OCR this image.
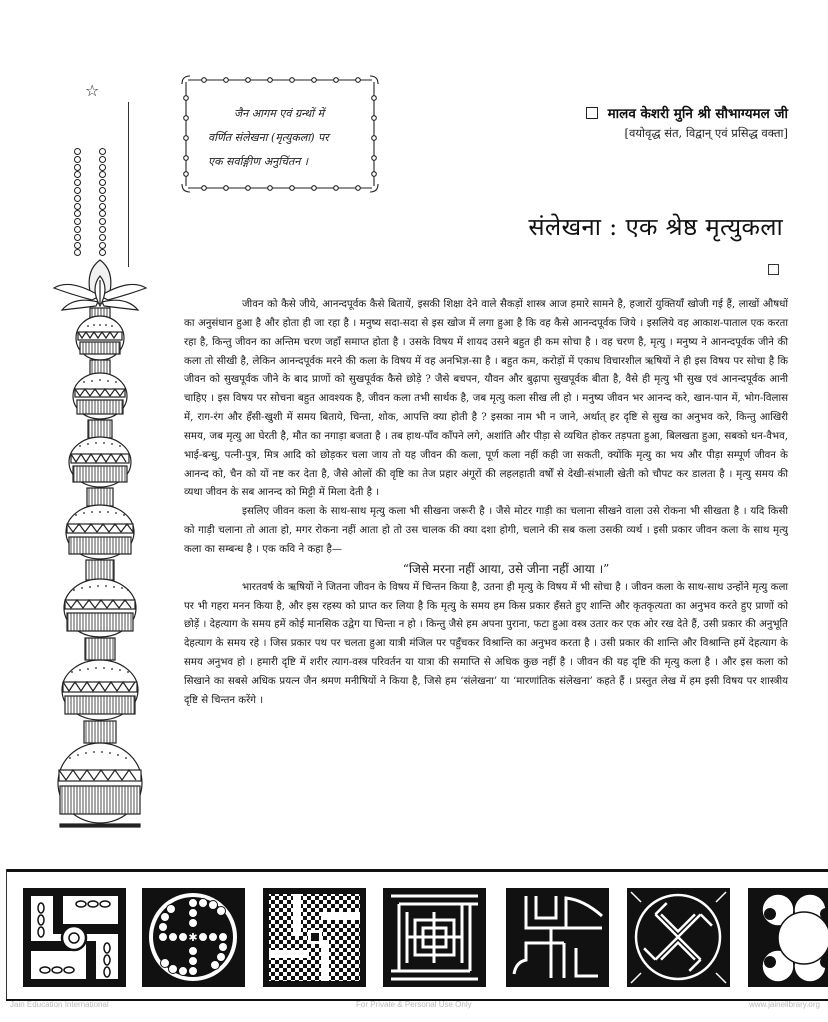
☆
जैन आगम एवं ग्रन्थों में
वर्णित संलेखना (मृत्युकला) पर
एक सर्वाङ्गीण अनुचिंतन ।
मालव केशरी मुनि श्री सौभाग्यमल जी
[वयोवृद्ध संत, विद्वान् एवं प्रसिद्ध वक्ता]
संलेखना : एक श्रेष्ठ मृत्युकला

जीवन को कैसे जीये, आनन्दपूर्वक कैसे बितायें, इसकी शिक्षा देने वाले सैकड़ों शास्त्र आज हमारे सामने है, हजारों युक्तियाँ खोजी गई हैं, लाखों औषधों का अनुसंधान हुआ है और होता ही जा रहा है । मनुष्य सदा-सदा से इस खोज में लगा हुआ है कि वह कैसे आनन्दपूर्वक जिये । इसलिये वह आकाश-पाताल एक करता रहा है, किन्तु जीवन का अन्तिम चरण जहाँ समाप्त होता है । उसके विषय में शायद उसने बहुत ही कम सोचा है । वह चरण है, मृत्यु । मनुष्य ने आनन्दपूर्वक जीने की कला तो सीखी है, लेकिन आनन्दपूर्वक मरने की कला के विषय में वह अनभिज्ञ-सा है । बहुत कम, करोड़ों में एकाध विचारशील ऋषियों ने ही इस विषय पर सोचा है कि जीवन को सुखपूर्वक जीने के बाद प्राणों को सुखपूर्वक कैसे छोड़े ? जैसे बचपन, यौवन और बुढ़ापा सुखपूर्वक बीता है, वैसे ही मृत्यु भी सुख एवं आनन्दपूर्वक आनी चाहिए । इस विषय पर सोचना बहुत आवश्यक है, जीवन कला तभी सार्थक है, जब मृत्यु कला सीख ली हो । मनुष्य जीवन भर आनन्द करे, खान-पान में, भोग-विलास में, राग-रंग और हँसी-खुशी में समय बिताये, चिन्ता, शोक, आपत्ति क्या होती है ? इसका नाम भी न जाने, अर्थात् हर दृष्टि से सुख का अनुभव करे, किन्तु आखिरी समय, जब मृत्यु आ घेरती है, मौत का नगाड़ा बजता है । तब हाथ-पाँव काँपने लगे, अशांति और पीड़ा से व्यथित होकर तड़पता हुआ, बिलखता हुआ, सबको धन-वैभव, भाई-बन्धु, पत्नी-पुत्र, मित्र आदि को छोड़कर चला जाय तो यह जीवन की कला, पूर्ण कला नहीं कही जा सकती, क्योंकि मृत्यु का भय और पीड़ा सम्पूर्ण जीवन के आनन्द को, चैन को यों नष्ट कर देता है, जैसे ओलों की वृष्टि का तेज प्रहार अंगूरों की लहलहाती वर्षों से देखी-संभाली खेती को चौपट कर डालता है । मृत्यु समय की व्यथा जीवन के सब आनन्द को मिट्टी में मिला देती है ।

इसलिए जीवन कला के साथ-साथ मृत्यु कला भी सीखना जरूरी है । जैसे मोटर गाड़ी का चलाना सीखने वाला उसे रोकना भी सीखता है । यदि किसी को गाड़ी चलाना तो आता हो, मगर रोकना नहीं आता हो तो उस चालक की क्या दशा होगी, चलाने की सब कला उसकी व्यर्थ । इसी प्रकार जीवन कला के साथ मृत्यु कला का सम्बन्ध है । एक कवि ने कहा है—

“जिसे मरना नहीं आया, उसे जीना नहीं आया ।”

भारतवर्ष के ऋषियों ने जितना जीवन के विषय में चिन्तन किया है, उतना ही मृत्यु के विषय में भी सोचा है । जीवन कला के साथ-साथ उन्होंने मृत्यु कला पर भी गहरा मनन किया है, और इस रहस्य को प्राप्त कर लिया है कि मृत्यु के समय हम किस प्रकार हँसते हुए शान्ति और कृतकृत्यता का अनुभव करते हुए प्राणों को छोड़ें । देहत्याग के समय हमें कोई मानसिक उद्वेग या चिन्ता न हो । किन्तु जैसे हम अपना पुराना, फटा हुआ वस्त्र उतार कर एक ओर रख देते हैं, उसी प्रकार की अनुभूति देहत्याग के समय रहे । जिस प्रकार पथ पर चलता हुआ यात्री मंजिल पर पहुँचकर विश्रान्ति का अनुभव करता है । उसी प्रकार की शान्ति और विश्रान्ति हमें देहत्याग के समय अनुभव हो । हमारी दृष्टि में शरीर त्याग-वस्त्र परिवर्तन या यात्रा की समाप्ति से अधिक कुछ नहीं है । जीवन की यह दृष्टि की मृत्यु कला है । और इस कला को सिखाने का सबसे अधिक प्रयत्न जैन श्रमण मनीषियों ने किया है, जिसे हम ‘संलेखना’ या ‘मारणांतिक संलेखना’ कहते हैं । प्रस्तुत लेख में हम इसी विषय पर शास्त्रीय दृष्टि से चिन्तन करेंगे ।

✱
Jain Education International	For Private & Personal Use Only	www.jainelibrary.org
